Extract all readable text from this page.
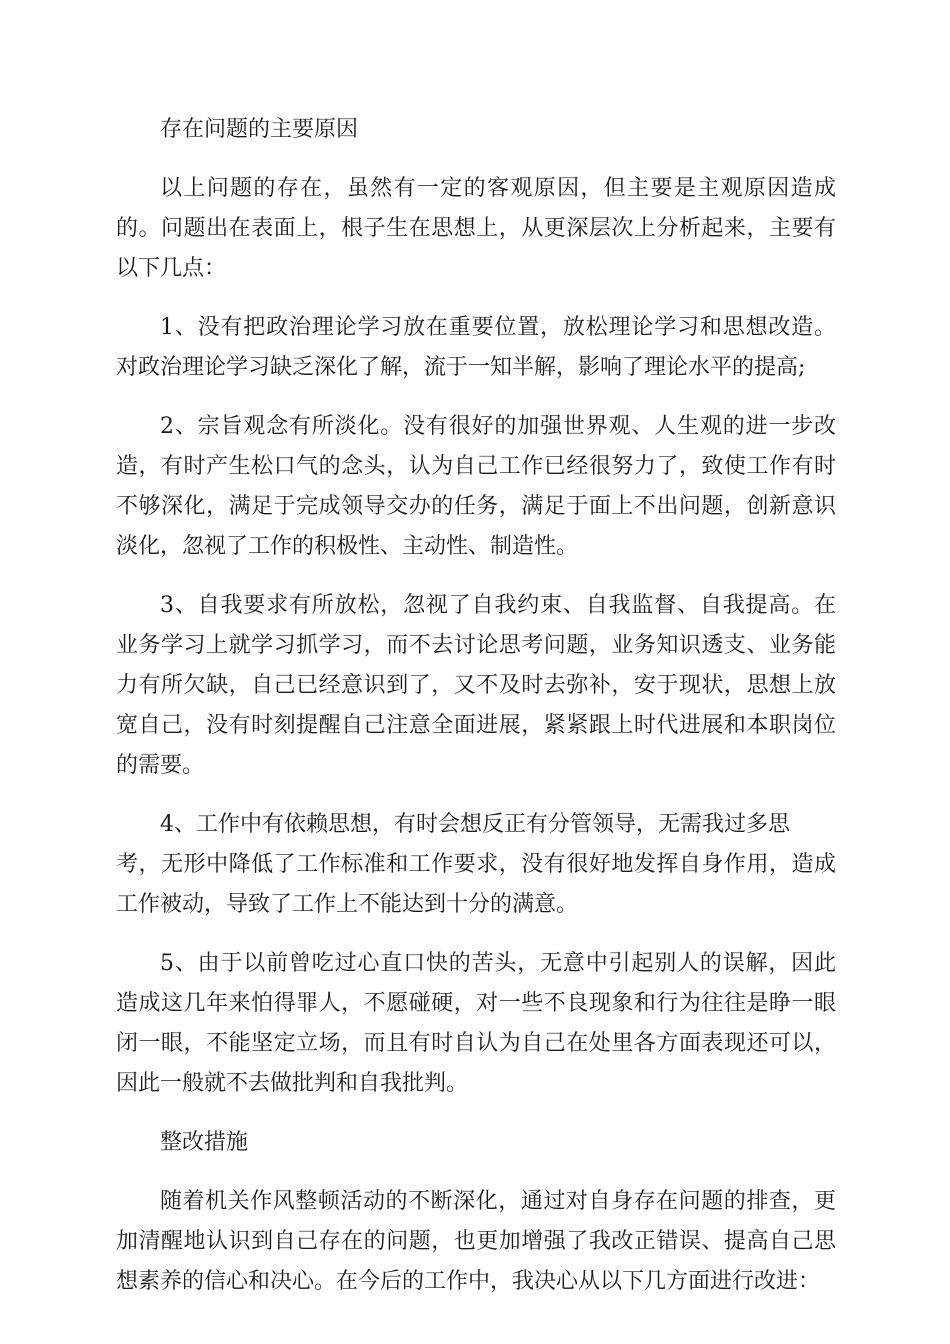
存在问题的主要原因
以上问题的存在，虽然有一定的客观原因，但主要是主观原因造成
的。问题出在表面上，根子生在思想上，从更深层次上分析起来，主要有
以下几点：
1、没有把政治理论学习放在重要位置，放松理论学习和思想改造。
对政治理论学习缺乏深化了解，流于一知半解，影响了理论水平的提高;
2、宗旨观念有所淡化。没有很好的加强世界观、人生观的进一步改
造，有时产生松口气的念头，认为自己工作已经很努力了，致使工作有时
不够深化，满足于完成领导交办的任务，满足于面上不出问题，创新意识
淡化，忽视了工作的积极性、主动性、制造性。
3、自我要求有所放松，忽视了自我约束、自我监督、自我提高。在
业务学习上就学习抓学习，而不去讨论思考问题，业务知识透支、业务能
力有所欠缺，自己已经意识到了，又不及时去弥补，安于现状，思想上放
宽自己，没有时刻提醒自己注意全面进展，紧紧跟上时代进展和本职岗位
的需要。
4、工作中有依赖思想，有时会想反正有分管领导，无需我过多思
考，无形中降低了工作标准和工作要求，没有很好地发挥自身作用，造成
工作被动，导致了工作上不能达到十分的满意。
5、由于以前曾吃过心直口快的苦头，无意中引起别人的误解，因此
造成这几年来怕得罪人，不愿碰硬，对一些不良现象和行为往往是睁一眼
闭一眼，不能坚定立场，而且有时自认为自己在处里各方面表现还可以，
因此一般就不去做批判和自我批判。
整改措施
随着机关作风整顿活动的不断深化，通过对自身存在问题的排查，更
加清醒地认识到自己存在的问题，也更加增强了我改正错误、提高自己思
想素养的信心和决心。在今后的工作中，我决心从以下几方面进行改进：
